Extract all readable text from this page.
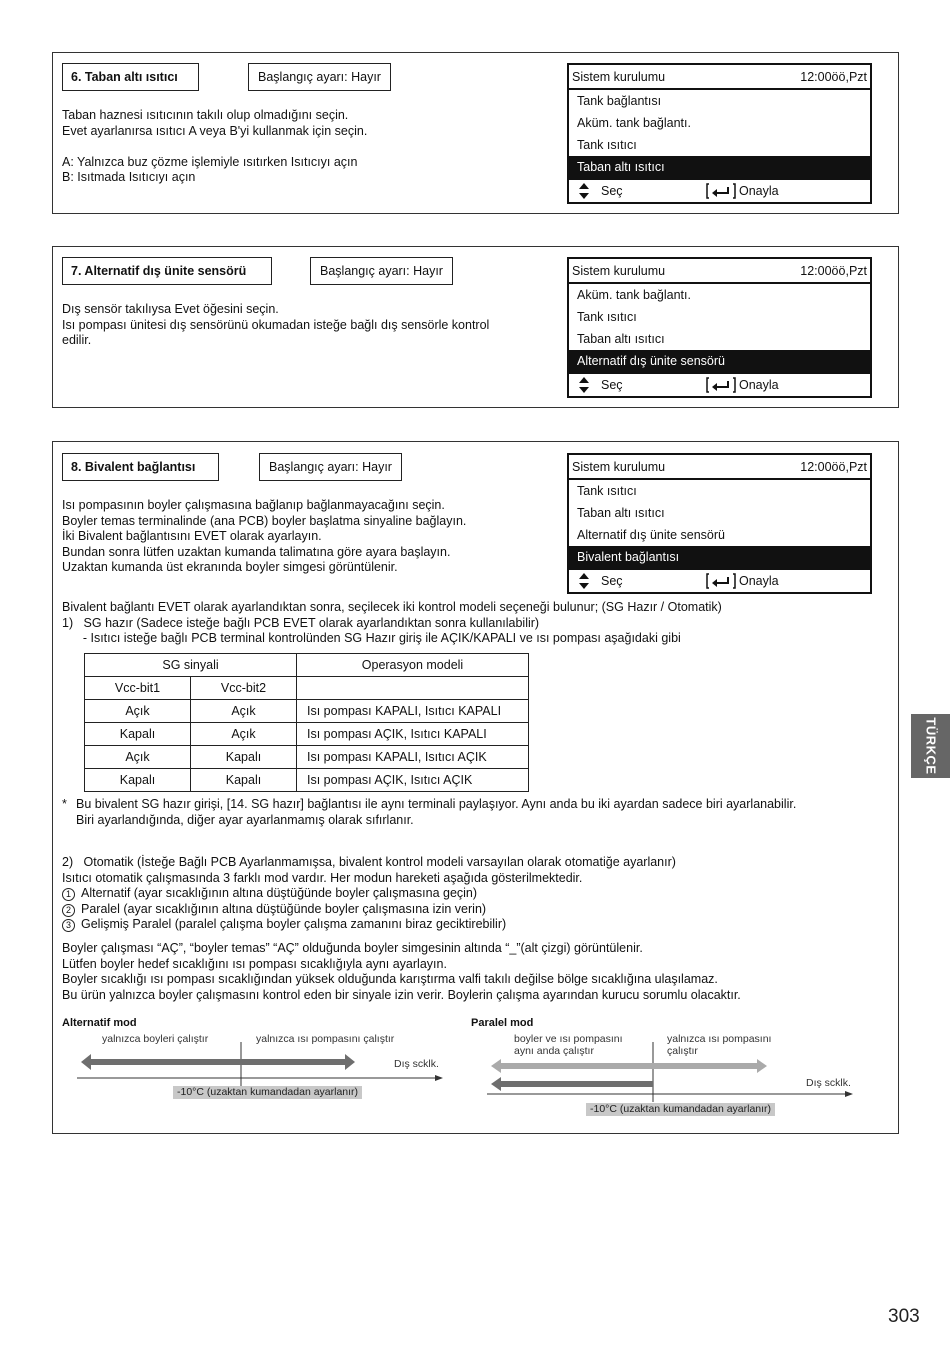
6. Taban altı ısıtıcı	Başlangıç ayarı: Hayır

Taban haznesi ısıtıcının takılı olup olmadığını seçin.

Evet ayarlanırsa ısıtıcı A veya B'yi kullanmak için seçin.

A: Yalnızca buz çözme işlemiyle ısıtırken Isıtıcıyı açın

B: Isıtmada Isıtıcıyı açın

Sistem kurulumu	12:00öö,Pzt
Tank bağlantısı
Aküm. tank bağlantı.
Tank ısıtıcı
Taban altı ısıtıcı
Seç	Onayla
7. Alternatif dış ünite sensörü	Başlangıç ayarı: Hayır

Dış sensör takılıysa Evet öğesini seçin.

Isı pompası ünitesi dış sensörünü okumadan isteğe bağlı dış sensörle kontrol

edilir.

Sistem kurulumu	12:00öö,Pzt
Aküm. tank bağlantı.
Tank ısıtıcı
Taban altı ısıtıcı
Alternatif dış ünite sensörü
Seç	Onayla
8. Bivalent bağlantısı	Başlangıç ayarı: Hayır

Isı pompasının boyler çalışmasına bağlanıp bağlanmayacağını seçin.

Boyler temas terminalinde (ana PCB) boyler başlatma sinyaline bağlayın.

İki Bivalent bağlantısını EVET olarak ayarlayın.

Bundan sonra lütfen uzaktan kumanda talimatına göre ayara başlayın.

Uzaktan kumanda üst ekranında boyler simgesi görüntülenir.

Sistem kurulumu	12:00öö,Pzt
Tank ısıtıcı
Taban altı ısıtıcı
Alternatif dış ünite sensörü
Bivalent bağlantısı
Seç	Onayla

Bivalent bağlantı EVET olarak ayarlandıktan sonra, seçilecek iki kontrol modeli seçeneği bulunur; (SG Hazır / Otomatik)

1)   SG hazır (Sadece isteğe bağlı PCB EVET olarak ayarlandıktan sonra kullanılabilir)

- Isıtıcı isteğe bağlı PCB terminal kontrolünden SG Hazır giriş ile AÇIK/KAPALI ve ısı pompası aşağıdaki gibi

SG sinyali		Operasyon modeli
Vcc-bit1	Vcc-bit2	
Açık	Açık	Isı pompası KAPALI, Isıtıcı KAPALI
Kapalı	Açık	Isı pompası AÇIK, Isıtıcı KAPALI
Açık	Kapalı	Isı pompası KAPALI, Isıtıcı AÇIK
Kapalı	Kapalı	Isı pompası AÇIK, Isıtıcı AÇIK
* Bu bivalent SG hazır girişi, [14. SG hazır] bağlantısı ile aynı terminali paylaşıyor. Aynı anda bu iki ayardan sadece biri ayarlanabilir.

Biri ayarlandığında, diğer ayar ayarlanmamış olarak sıfırlanır.

2)   Otomatik (İsteğe Bağlı PCB Ayarlanmamışsa, bivalent kontrol modeli varsayılan olarak otomatiğe ayarlanır)

Isıtıcı otomatik çalışmasında 3 farklı mod vardır. Her modun hareketi aşağıda gösterilmektedir.

1 Alternatif (ayar sıcaklığının altına düştüğünde boyler çalışmasına geçin)

2 Paralel (ayar sıcaklığının altına düştüğünde boyler çalışmasına izin verin)

3 Gelişmiş Paralel (paralel çalışma boyler çalışma zamanını biraz geciktirebilir)

Boyler çalışması “AÇ”, “boyler temas” “AÇ” olduğunda boyler simgesinin altında “_”(alt çizgi) görüntülenir.

Lütfen boyler hedef sıcaklığını ısı pompası sıcaklığıyla aynı ayarlayın.

Boyler sıcaklığı ısı pompası sıcaklığından yüksek olduğunda karıştırma valfi takılı değilse bölge sıcaklığına ulaşılamaz.

Bu ürün yalnızca boyler çalışmasını kontrol eden bir sinyale izin verir. Boylerin çalışma ayarından kurucu sorumlu olacaktır.

Alternatif mod
yalnızca boyleri çalıştır	yalnızca ısı pompasını çalıştır
Dış scklk.
-10°C (uzaktan kumandadan ayarlanır)
Paralel mod
boyler ve ısı pompasını
aynı anda çalıştır
yalnızca ısı pompasını
çalıştır
Dış scklk.
-10°C (uzaktan kumandadan ayarlanır)
TÜRKÇE
303
